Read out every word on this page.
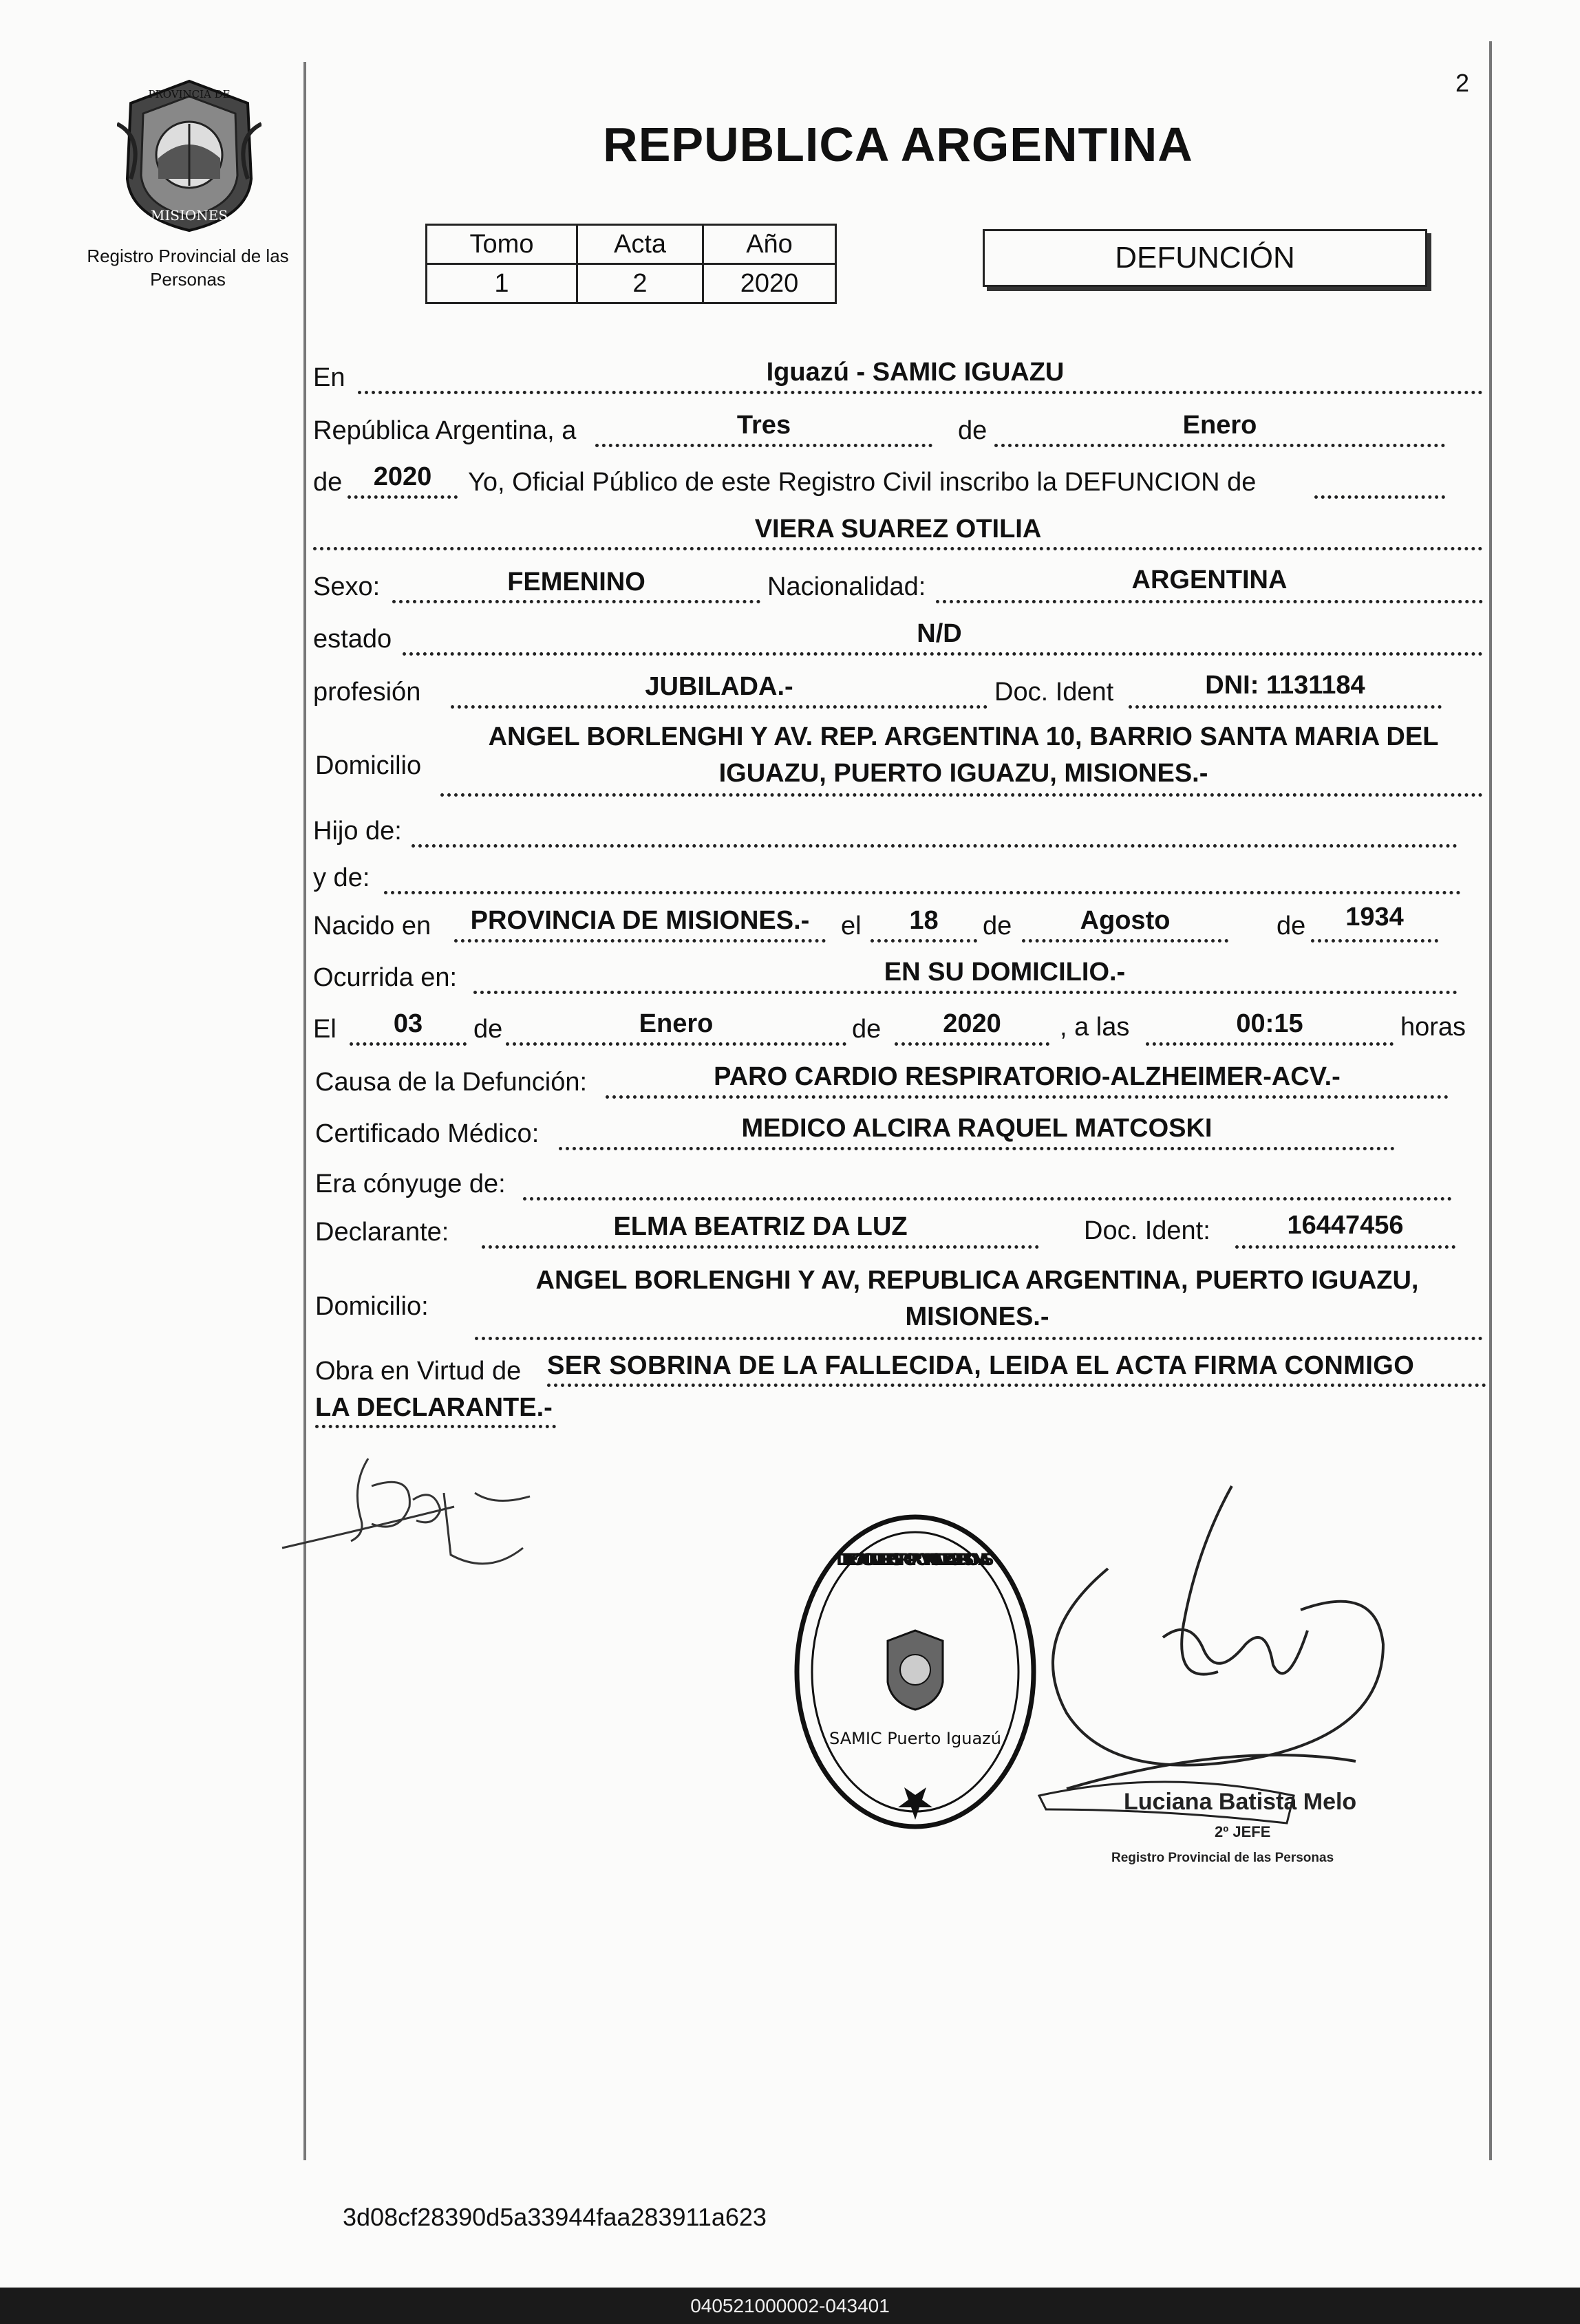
PROVINCIA DE
MISIONES
Registro Provincial de las Personas
2
REPUBLICA ARGENTINA
Tomo	Acta	Año
1	2	2020
DEFUNCIÓN
En	Iguazú - SAMIC IGUAZU
República Argentina, a	Tres	de	Enero
de	2020	Yo, Oficial Público de este Registro Civil inscribo la DEFUNCION de
VIERA SUAREZ OTILIA
Sexo:	FEMENINO	Nacionalidad:	ARGENTINA
estado	N/D
profesión	JUBILADA.-	Doc. Ident	DNI: 1131184
Domicilio
ANGEL BORLENGHI Y AV. REP. ARGENTINA 10, BARRIO SANTA MARIA DEL
IGUAZU, PUERTO IGUAZU, MISIONES.-
Hijo de:
y de:
Nacido en	PROVINCIA DE MISIONES.-	el	18	de	Agosto	de	1934
Ocurrida en:	EN SU DOMICILIO.-
El	03	de	Enero	de	2020	, a las	00:15	horas
Causa de la Defunción:	PARO CARDIO RESPIRATORIO-ALZHEIMER-ACV.-
Certificado Médico:	MEDICO ALCIRA RAQUEL MATCOSKI
Era cónyuge de:
Declarante:	ELMA BEATRIZ DA LUZ	Doc. Ident:	16447456
Domicilio:
ANGEL BORLENGHI Y AV, REPUBLICA ARGENTINA, PUERTO IGUAZU,
MISIONES.-
Obra en Virtud de SER SOBRINA DE LA FALLECIDA, LEIDA EL ACTA FIRMA CONMIGO
LA DECLARANTE.-
DELEGACION DEL REGISTRO PROVINCIAL DE LAS PERSONAS
SAMIC Puerto Iguazú
Luciana Batista Melo
2º JEFE
Registro Provincial de las Personas
3d08cf28390d5a33944faa283911a623
040521000002-043401
